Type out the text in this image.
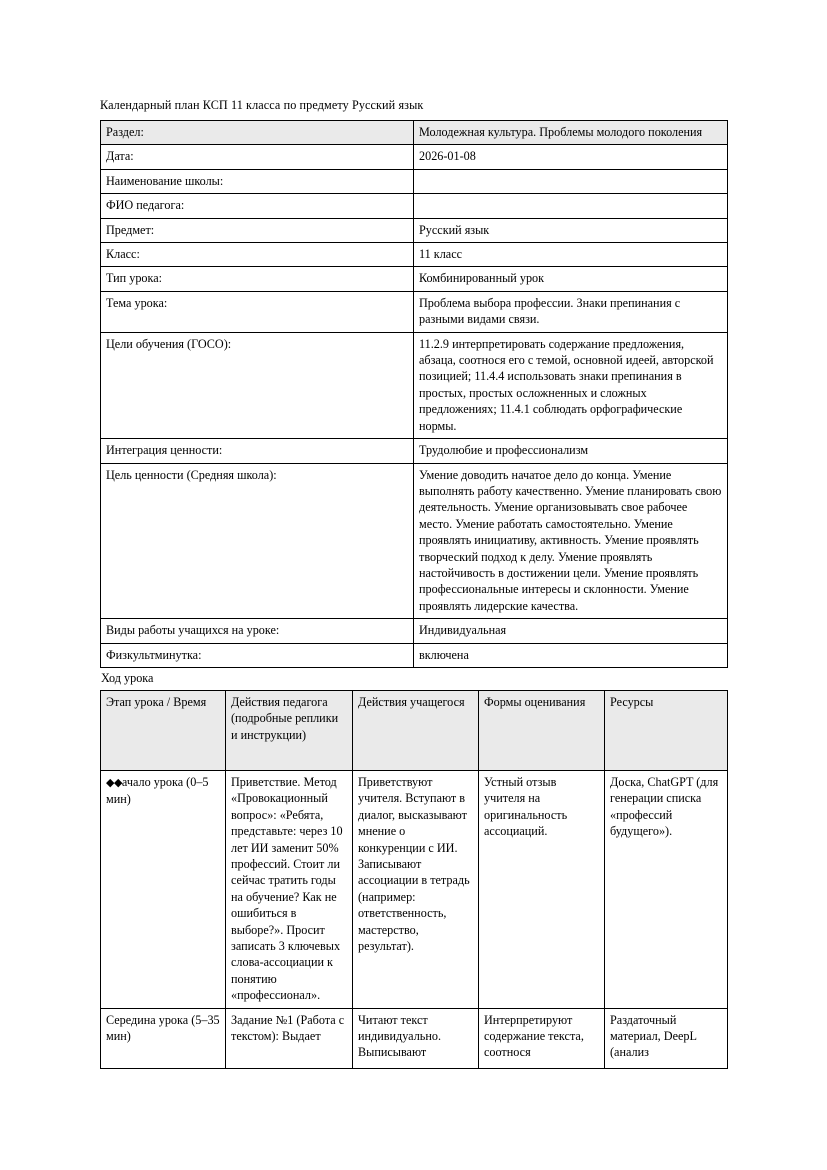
Календарный план КСП 11 класса по предмету Русский язык

Раздел:	Молодежная культура. Проблемы молодого поколения
Дата:	2026-01-08
Наименование школы:	
ФИО педагога:	
Предмет:	Русский язык
Класс:	11 класс
Тип урока:	Комбинированный урок
Тема урока:	Проблема выбора профессии. Знаки препинания с разными видами связи.
Цели обучения (ГОСО):	11.2.9 интерпретировать содержание предложения, абзаца, соотнося его с темой, основной идеей, авторской позицией; 11.4.4 использовать знаки препинания в простых, простых осложненных и сложных предложениях; 11.4.1 соблюдать орфографические нормы.
Интеграция ценности:	Трудолюбие и профессионализм
Цель ценности (Средняя школа):	Умение доводить начатое дело до конца. Умение выполнять работу качественно. Умение планировать свою деятельность. Умение организовывать свое рабочее место. Умение работать самостоятельно. Умение проявлять инициативу, активность. Умение проявлять творческий подход к делу. Умение проявлять настойчивость в достижении цели. Умение проявлять профессиональные интересы и склонности. Умение проявлять лидерские качества.
Виды работы учащихся на уроке:	Индивидуальная
Физкультминутка:	включена

Ход урока

Этап урока / Время	Действия педагога (подробные реплики и инструкции)	Действия учащегося	Формы оценивания	Ресурсы
◆◆ачало урока (0–5 мин)	Приветствие. Метод «Провокационный вопрос»: «Ребята, представьте: через 10 лет ИИ заменит 50% профессий. Стоит ли сейчас тратить годы на обучение? Как не ошибиться в выборе?». Просит записать 3 ключевых слова-ассоциации к понятию «профессионал».	Приветствуют учителя. Вступают в диалог, высказывают мнение о конкуренции с ИИ. Записывают ассоциации в тетрадь (например: ответственность, мастерство, результат).	Устный отзыв учителя на оригинальность ассоциаций.	Доска, ChatGPT (для генерации списка «профессий будущего»).
Середина урока (5–35 мин)	Задание №1 (Работа с текстом): Выдает	Читают текст индивидуально. Выписывают	Интерпретируют содержание текста, соотнося	Раздаточный материал, DeepL (анализ
